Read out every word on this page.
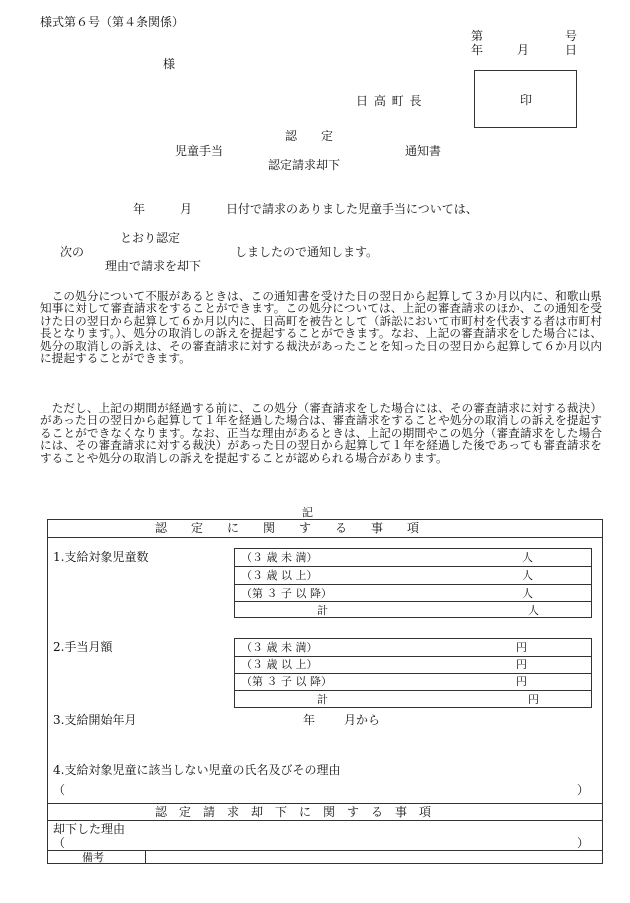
様式第６号（第４条関係）
第	号
年	月	日
様
日 高 町 長	印
認　　定
児童手当	通知書
認定請求却下
年	月	日付で請求のありました児童手当については、
とおり認定
次の	しましたので通知します。
理由で請求を却下
　この処分について不服があるときは、この通知書を受けた日の翌日から起算して３か月以内に、和歌山県知事に対して審査請求をすることができます。この処分については、上記の審査請求のほか、この通知を受けた日の翌日から起算して６か月以内に、日高町を被告として（訴訟において市町村を代表する者は市町村長となります。）、処分の取消しの訴えを提起することができます。なお、上記の審査請求をした場合には、処分の取消しの訴えは、その審査請求に対する裁決があったことを知った日の翌日から起算して６か月以内に提起することができます。
　ただし、上記の期間が経過する前に、この処分（審査請求をした場合には、その審査請求に対する裁決）があった日の翌日から起算して１年を経過した場合は、審査請求をすることや処分の取消しの訴えを提起することができなくなります。なお、正当な理由があるときは、上記の期間やこの処分（審査請求をした場合には、その審査請求に対する裁決）があった日の翌日から起算して１年を経過した後であっても審査請求をすることや処分の取消しの訴えを提起することが認められる場合があります。
記
認　　定　　に　　関　　す　　る　　事　　項
1.支給対象児童数	（３ 歳 未 満）	人
（３ 歳 以 上）	人
（第 ３ 子 以 降）	人
計	人
2.手当月額	（３ 歳 未 満）	円
（３ 歳 以 上）	円
（第 ３ 子 以 降）	円
計	円
3.支給開始年月	年 月から
4.支給対象児童に該当しない児童の氏名及びその理由
（	）
認　定　請　求　却　下　に　関　す　る　事　項
却下した理由
（	）
備考
